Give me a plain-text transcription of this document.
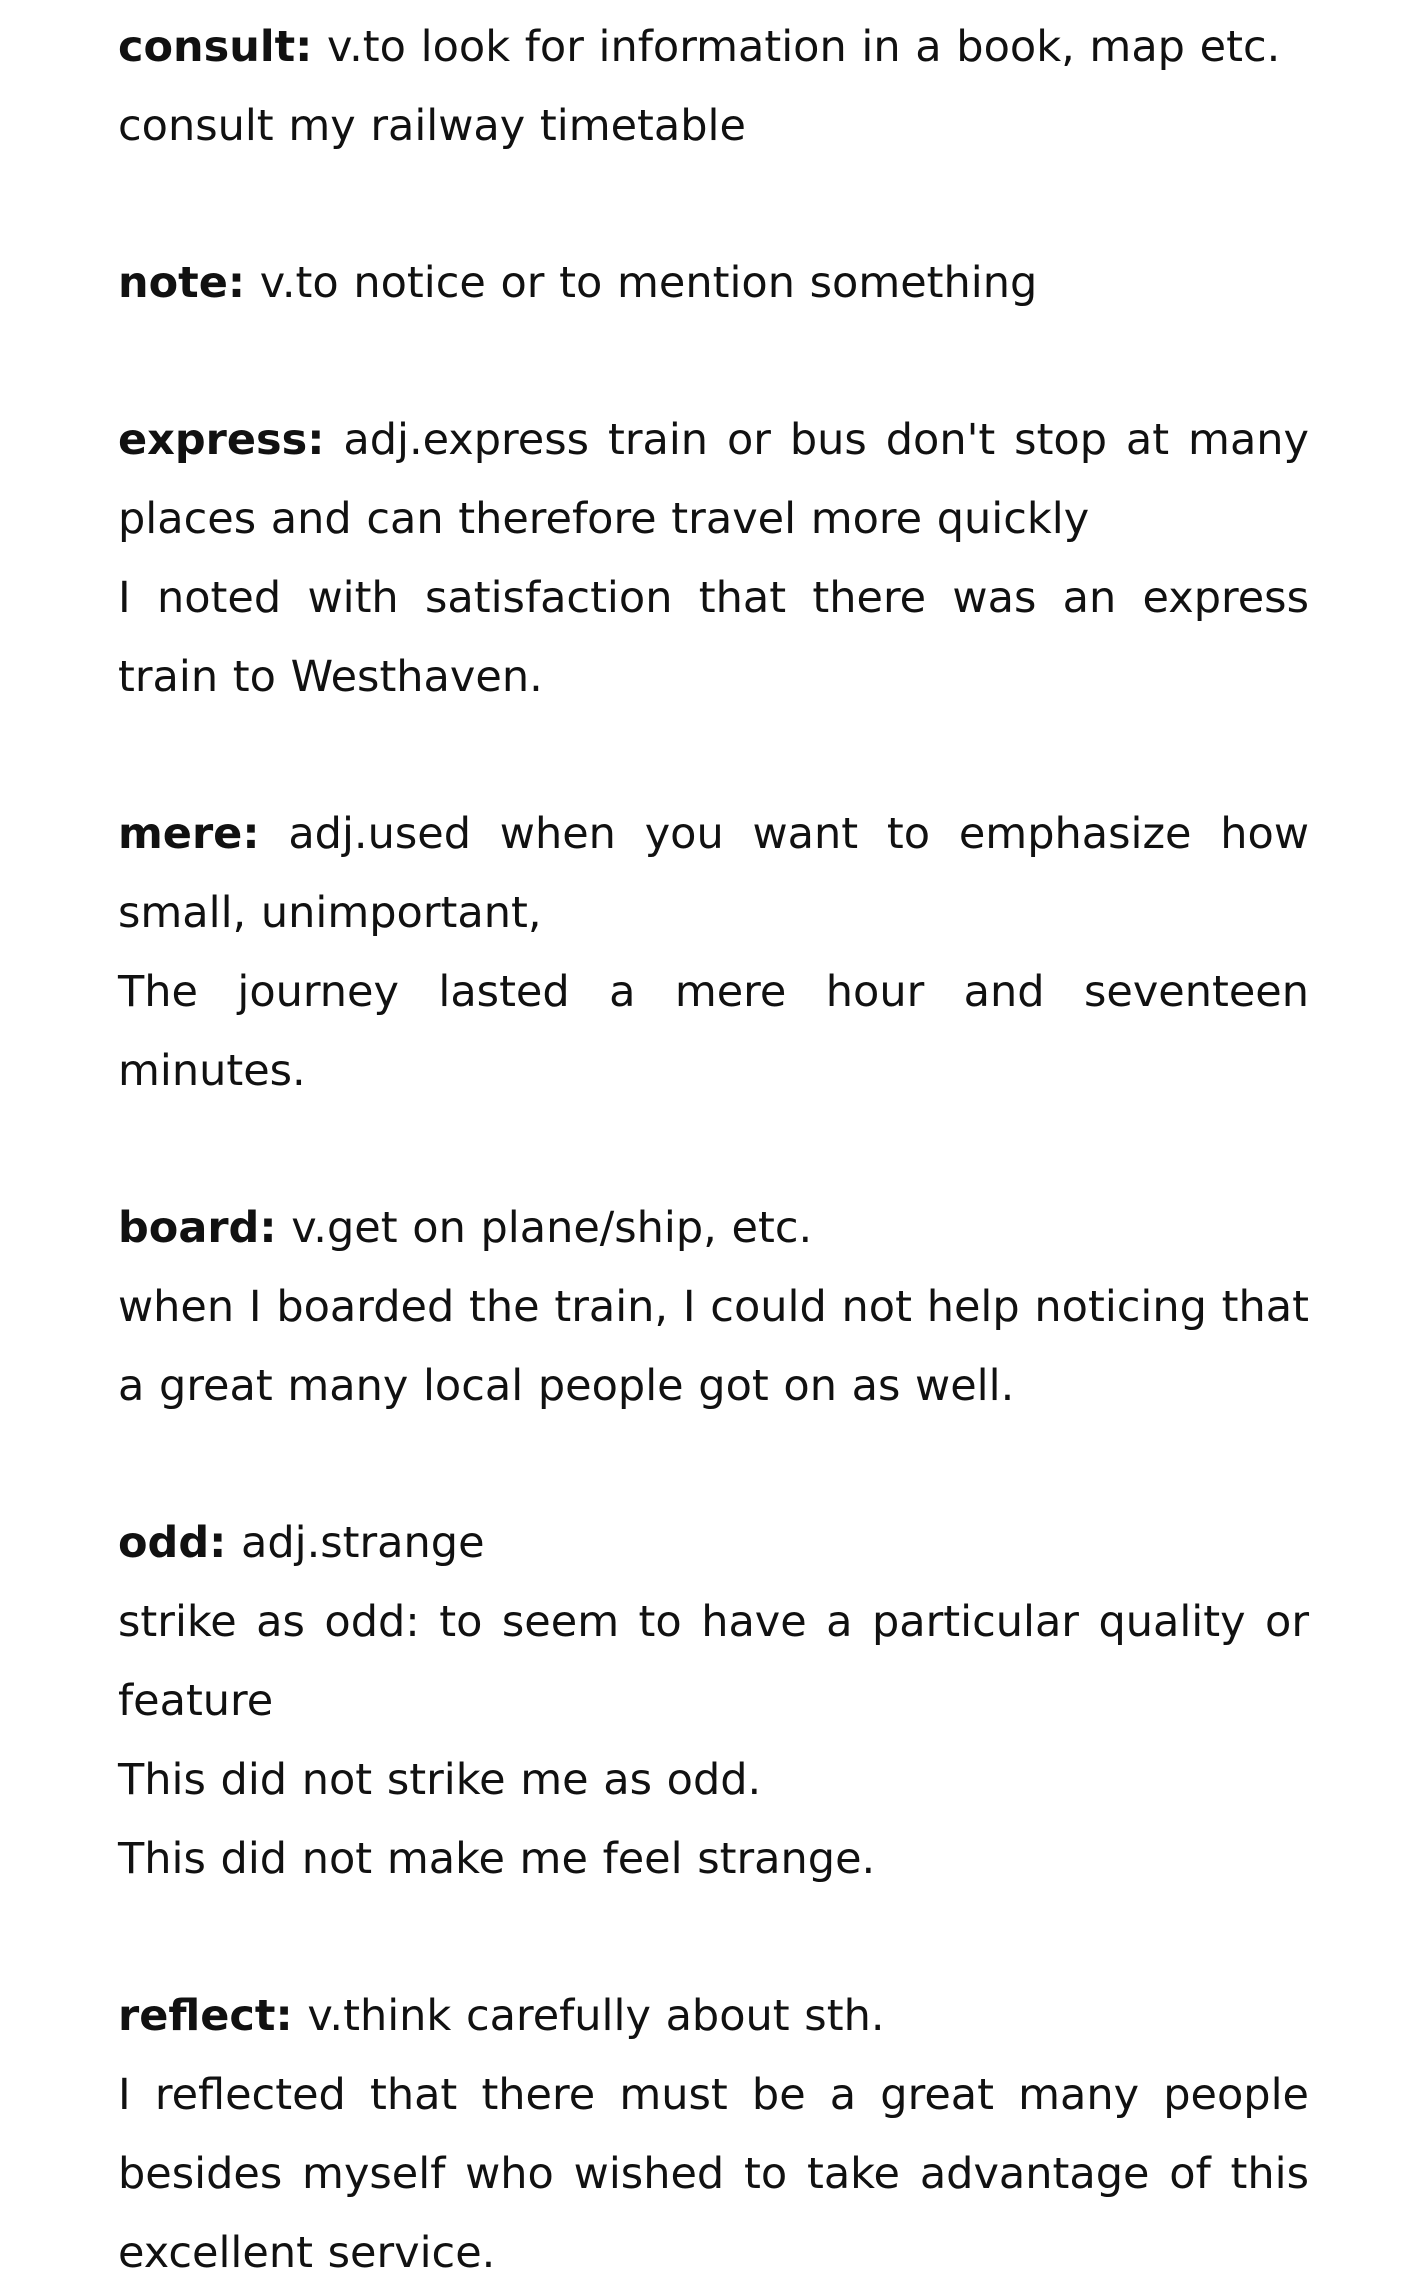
consult: v.to look for information in a book, map etc.

consult my railway timetable

note: v.to notice or to mention something

express: adj.express train or bus don't stop at many places and can therefore travel more quickly

I noted with satisfaction that there was an express train to Westhaven.

mere: adj.used when you want to emphasize how small, unimportant,

The journey lasted a mere hour and seventeen minutes.

board: v.get on plane/ship, etc.

when I boarded the train, I could not help noticing that a great many local people got on as well.

odd: adj.strange

strike as odd: to seem to have a particular quality or feature

This did not strike me as odd.

This did not make me feel strange.

reflect: v.think carefully about sth.

I reflected that there must be a great many people besides myself who wished to take advantage of this excellent service.
